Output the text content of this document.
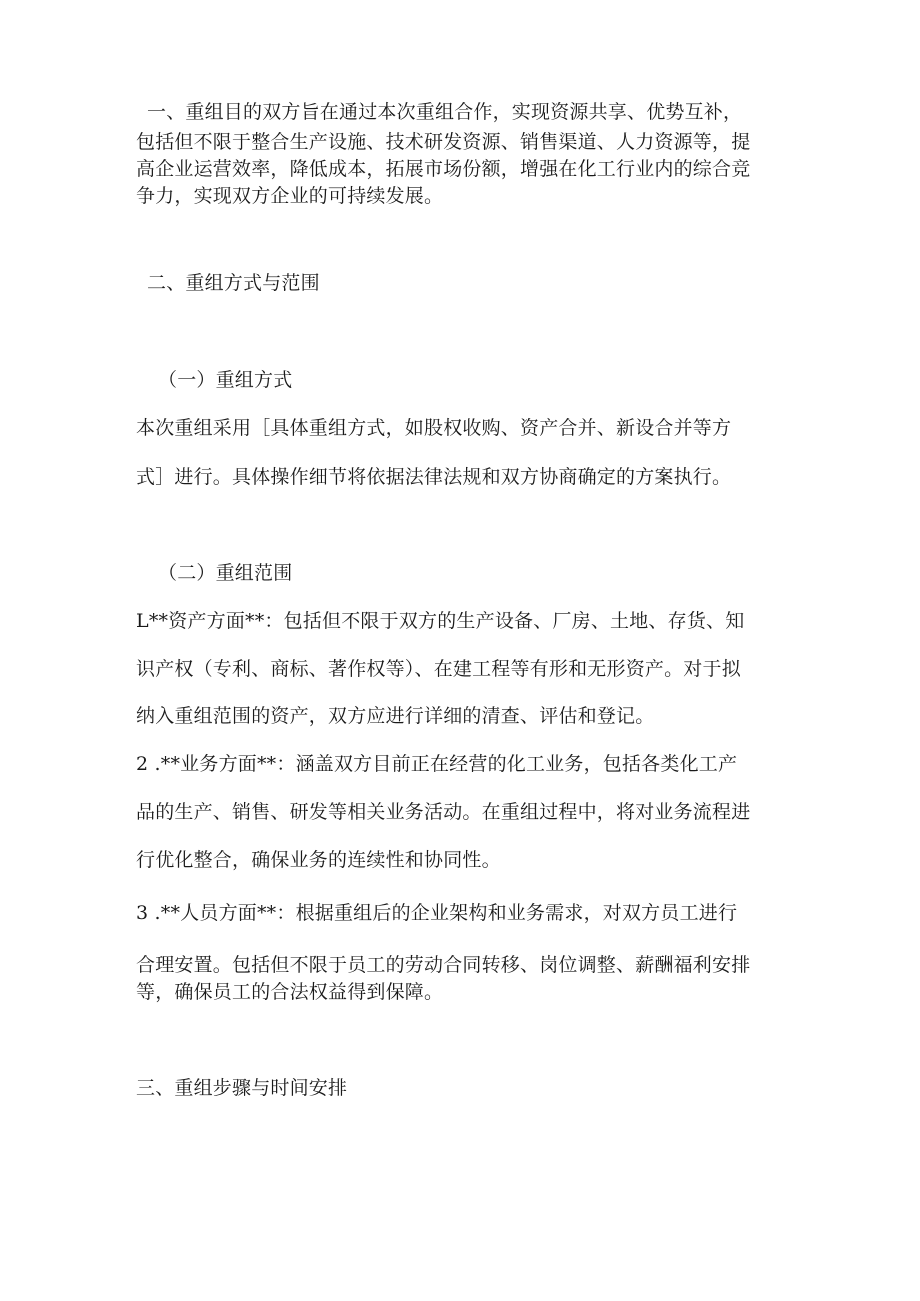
一、重组目的双方旨在通过本次重组合作，实现资源共享、优势互补，
包括但不限于整合生产设施、技术研发资源、销售渠道、人力资源等，提
高企业运营效率，降低成本，拓展市场份额，增强在化工行业内的综合竞
争力，实现双方企业的可持续发展。
二、重组方式与范围
（一）重组方式
本次重组采用［具体重组方式，如股权收购、资产合并、新设合并等方
式］进行。具体操作细节将依据法律法规和双方协商确定的方案执行。
（二）重组范围
L**资产方面**：包括但不限于双方的生产设备、厂房、土地、存货、知
识产权（专利、商标、著作权等）、在建工程等有形和无形资产。对于拟
纳入重组范围的资产，双方应进行详细的清查、评估和登记。
2 .**业务方面**：涵盖双方目前正在经营的化工业务，包括各类化工产
品的生产、销售、研发等相关业务活动。在重组过程中，将对业务流程进
行优化整合，确保业务的连续性和协同性。
3 .**人员方面**：根据重组后的企业架构和业务需求，对双方员工进行
合理安置。包括但不限于员工的劳动合同转移、岗位调整、薪酬福利安排
等，确保员工的合法权益得到保障。
三、重组步骤与时间安排
